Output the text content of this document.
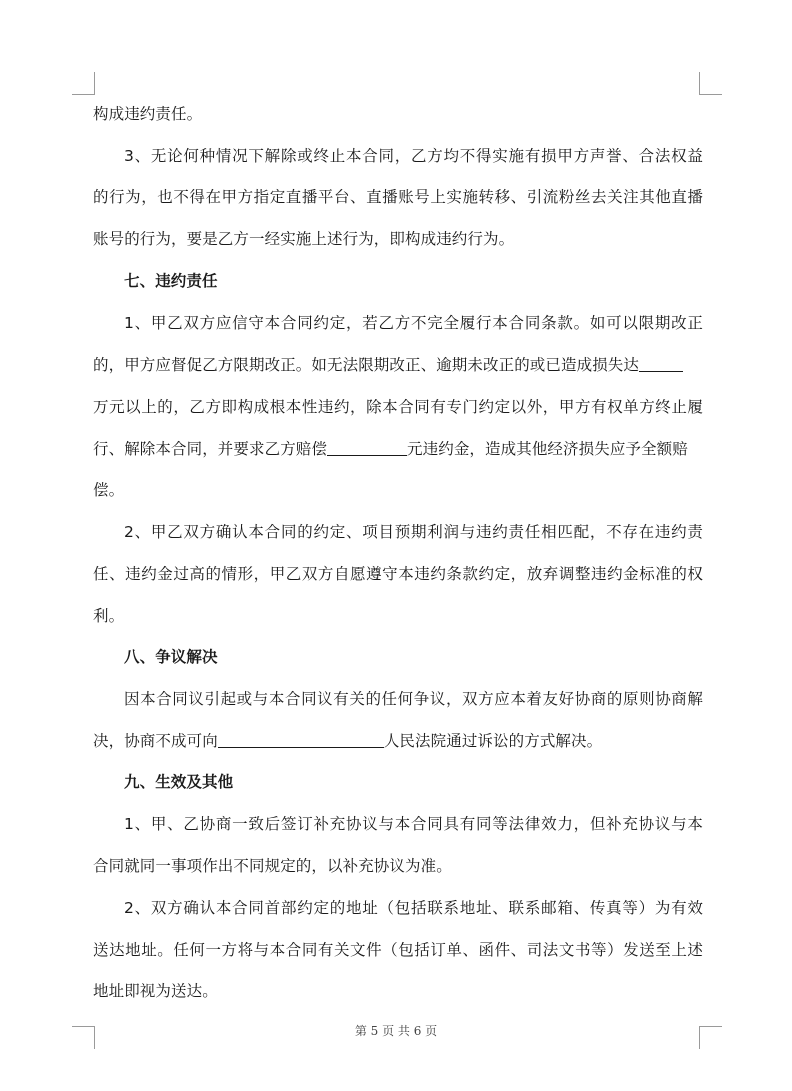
构成违约责任。
3、无论何种情况下解除或终止本合同，乙方均不得实施有损甲方声誉、合法权益
的行为，也不得在甲方指定直播平台、直播账号上实施转移、引流粉丝去关注其他直播
账号的行为，要是乙方一经实施上述行为，即构成违约行为。
七、违约责任
1、甲乙双方应信守本合同约定，若乙方不完全履行本合同条款。如可以限期改正
的，甲方应督促乙方限期改正。如无法限期改正、逾期未改正的或已造成损失达
万元以上的，乙方即构成根本性违约，除本合同有专门约定以外，甲方有权单方终止履
行、解除本合同，并要求乙方赔偿	元违约金，造成其他经济损失应予全额赔
偿。
2、甲乙双方确认本合同的约定、项目预期利润与违约责任相匹配，不存在违约责
任、违约金过高的情形，甲乙双方自愿遵守本违约条款约定，放弃调整违约金标准的权
利。
八、争议解决
因本合同议引起或与本合同议有关的任何争议，双方应本着友好协商的原则协商解
决，协商不成可向	人民法院通过诉讼的方式解决。
九、生效及其他
1、甲、乙协商一致后签订补充协议与本合同具有同等法律效力，但补充协议与本
合同就同一事项作出不同规定的，以补充协议为准。
2、双方确认本合同首部约定的地址（包括联系地址、联系邮箱、传真等）为有效
送达地址。任何一方将与本合同有关文件（包括订单、函件、司法文书等）发送至上述
地址即视为送达。
第 5 页 共 6 页
